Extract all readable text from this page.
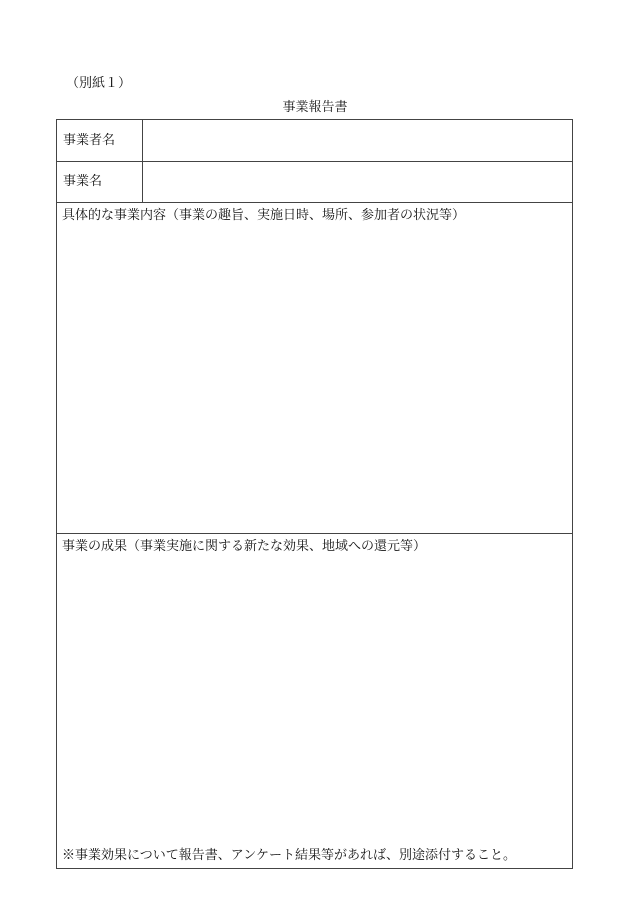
（別紙１）
事業報告書
事業者名
事業名
具体的な事業内容（事業の趣旨、実施日時、場所、参加者の状況等）
事業の成果（事業実施に関する新たな効果、地域への還元等）
※事業効果について報告書、アンケート結果等があれば、別途添付すること。
